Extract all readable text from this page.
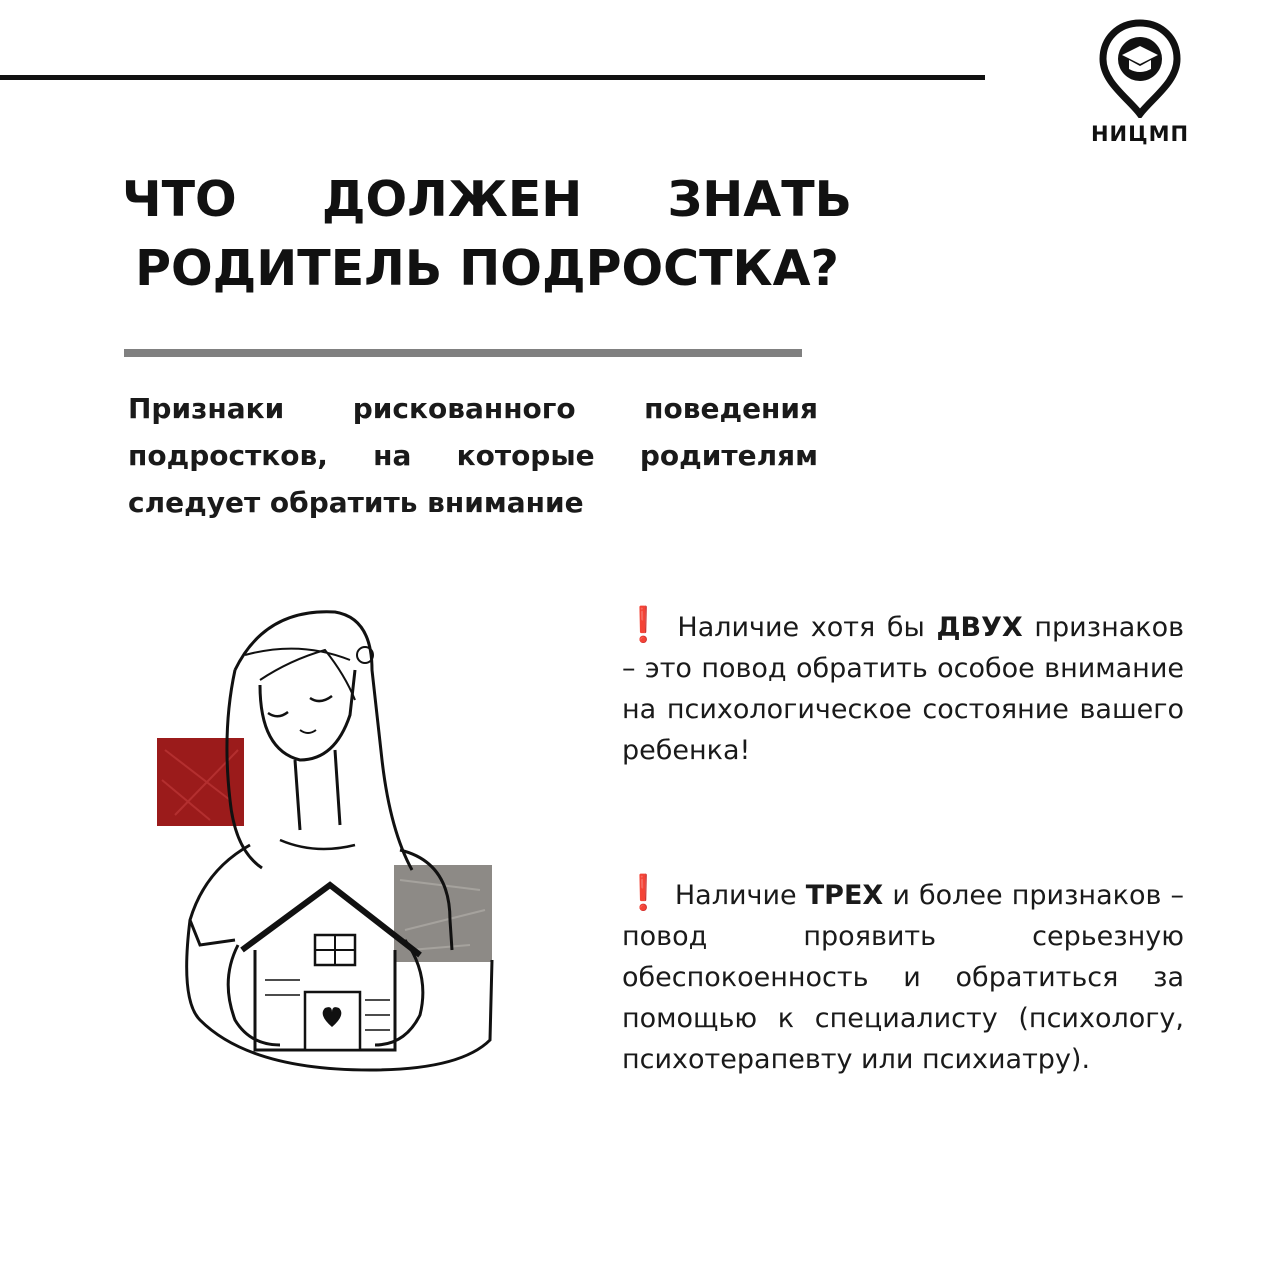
НИЦМП
ЧТО ДОЛЖЕН ЗНАТЬ
РОДИТЕЛЬ ПОДРОСТКА?
Признаки рискованного поведения подростков, на которые родителям следует обратить внимание
❗ Наличие хотя бы ДВУХ признаков – это повод обратить особое внимание на психологическое состояние вашего ребенка!
❗ Наличие ТРЕХ и более признаков – повод проявить серьезную обеспокоенность и обратиться за помощью к специалисту (психологу, психотерапевту или психиатру).
